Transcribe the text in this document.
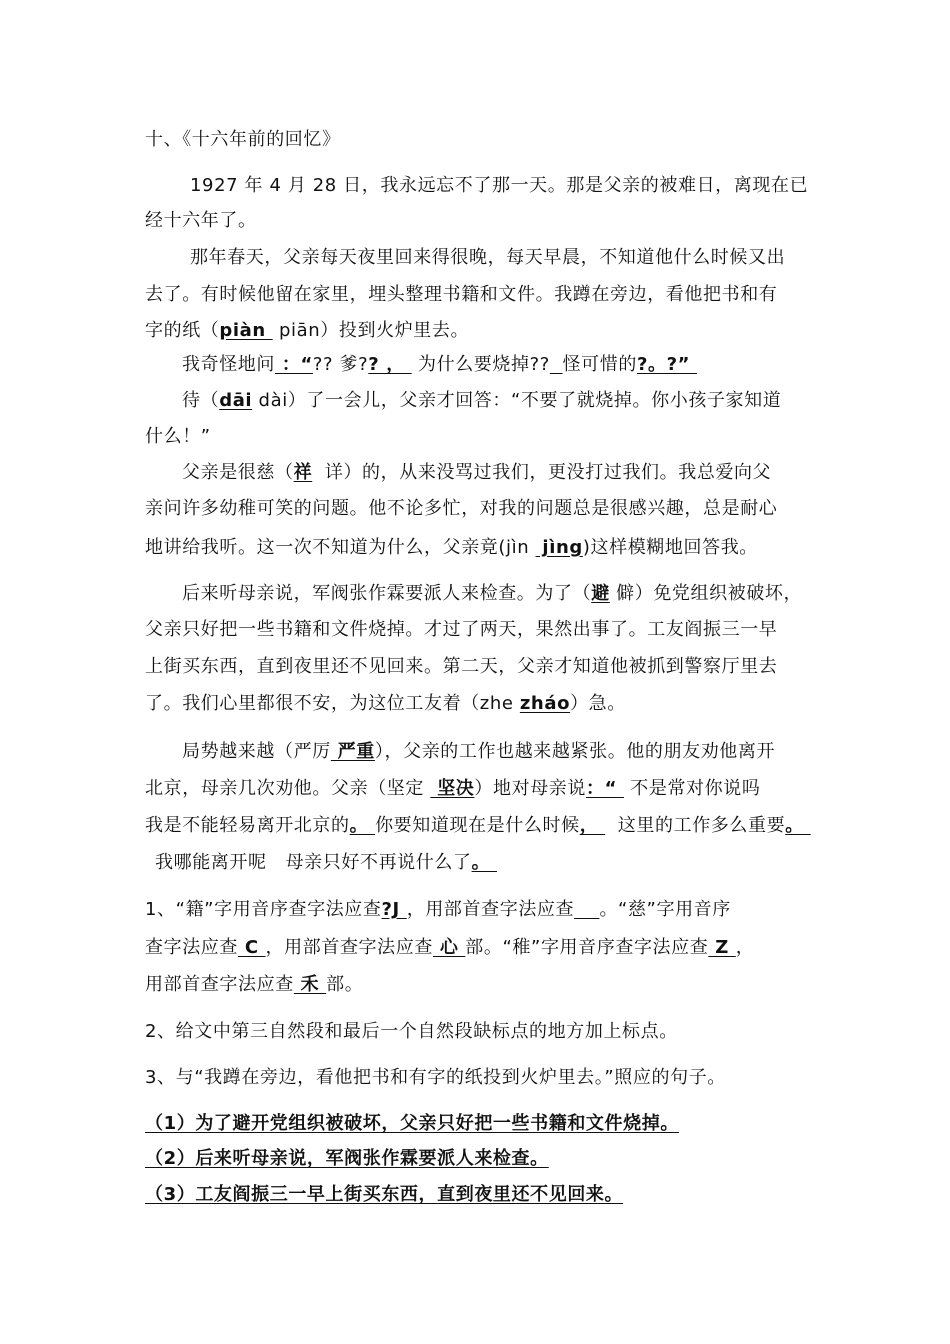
十、《十六年前的回忆》
1927 年 4 月 28 日，我永远忘不了那一天。那是父亲的被难日，离现在已
经十六年了。
那年春天，父亲每天夜里回来得很晚，每天早晨，不知道他什么时候又出
去了。有时候他留在家里，埋头整理书籍和文件。我蹲在旁边，看他把书和有
字的纸（piàn  piān）投到火炉里去。
我奇怪地问 ：“?? 爹?? ，  为什么要烧掉?? 怪可惜的?。?”
待（dāi dài）了一会儿，父亲才回答：“不要了就烧掉。你小孩子家知道
什么！”
父亲是很慈（祥  详）的，从来没骂过我们，更没打过我们。我总爱向父
亲问许多幼稚可笑的问题。他不论多忙，对我的问题总是很感兴趣，总是耐心
地讲给我听。这一次不知道为什么，父亲竟(jìn  jìng)这样模糊地回答我。
后来听母亲说，军阀张作霖要派人来检查。为了（避 僻）免党组织被破坏，
父亲只好把一些书籍和文件烧掉。才过了两天，果然出事了。工友阎振三一早
上街买东西，直到夜里还不见回来。第二天，父亲才知道他被抓到警察厅里去
了。我们心里都很不安，为这位工友着（zhe zháo）急。
局势越来越（严厉 严重），父亲的工作也越来越紧张。他的朋友劝他离开
北京，母亲几次劝他。父亲（坚定  坚决）地对母亲说：“  不是常对你说吗
我是不能轻易离开北京的。 你要知道现在是什么时候，   这里的工作多么重要。
我哪能离开呢   母亲只好不再说什么了。
1、“籍”字用音序查字法应查?J ，用部首查字法应查 。“慈”字用音序
查字法应查 C ，用部首查字法应查 心 部。“稚”字用音序查字法应查 Z ，
用部首查字法应查 禾 部。
2、给文中第三自然段和最后一个自然段缺标点的地方加上标点。
3、与“我蹲在旁边，看他把书和有字的纸投到火炉里去。”照应的句子。
（1）为了避开党组织被破坏，父亲只好把一些书籍和文件烧掉。
（2）后来听母亲说，军阀张作霖要派人来检查。
（3）工友阎振三一早上街买东西，直到夜里还不见回来。
